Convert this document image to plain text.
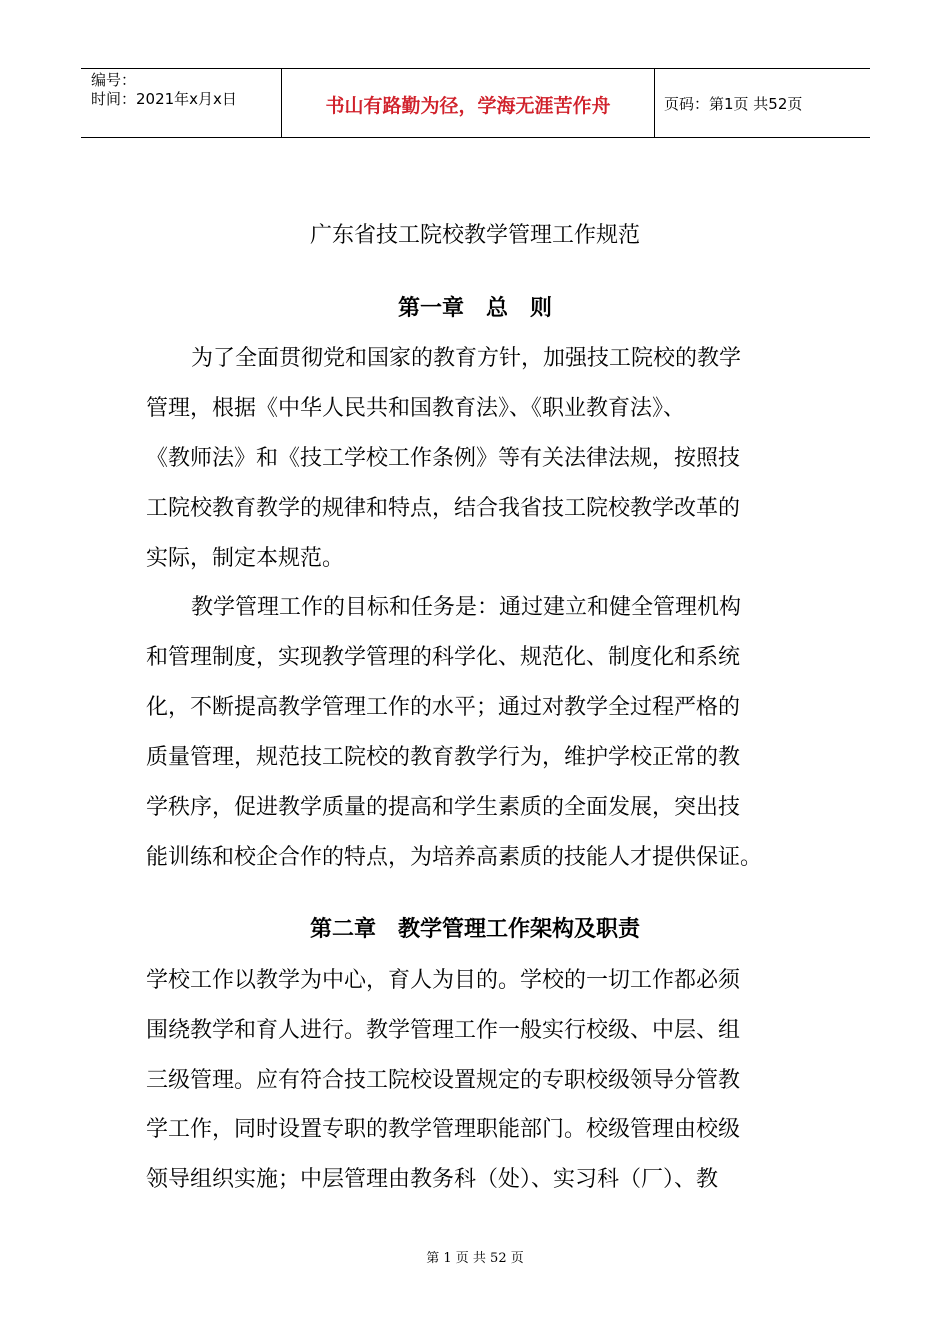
编号：
时间：2021年x月x日	书山有路勤为径，学海无涯苦作舟	页码：第1页 共52页
广东省技工院校教学管理工作规范
第一章　总　则
为了全面贯彻党和国家的教育方针，加强技工院校的教学
管理，根据《中华人民共和国教育法》、《职业教育法》、
《教师法》和《技工学校工作条例》等有关法律法规，按照技
工院校教育教学的规律和特点，结合我省技工院校教学改革的
实际，制定本规范。
教学管理工作的目标和任务是：通过建立和健全管理机构
和管理制度，实现教学管理的科学化、规范化、制度化和系统
化，不断提高教学管理工作的水平；通过对教学全过程严格的
质量管理，规范技工院校的教育教学行为，维护学校正常的教
学秩序，促进教学质量的提高和学生素质的全面发展，突出技
能训练和校企合作的特点，为培养高素质的技能人才提供保证。
第二章　教学管理工作架构及职责
学校工作以教学为中心，育人为目的。学校的一切工作都必须
围绕教学和育人进行。教学管理工作一般实行校级、中层、组
三级管理。应有符合技工院校设置规定的专职校级领导分管教
学工作，同时设置专职的教学管理职能部门。校级管理由校级
领导组织实施；中层管理由教务科（处）、实习科（厂）、教
第 1 页 共 52 页
